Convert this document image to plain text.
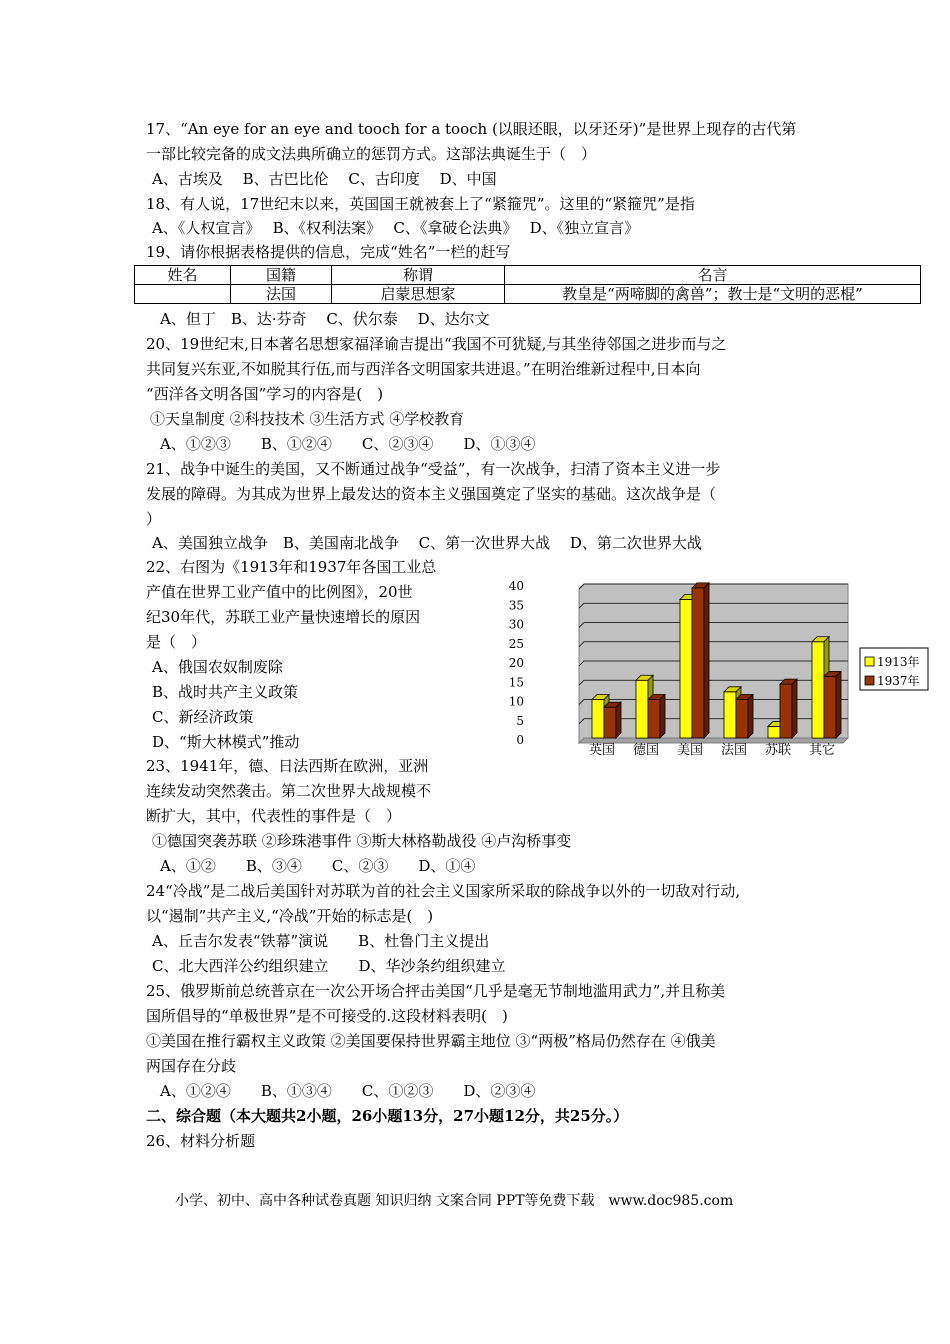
17、“An eye for an eye and tooch for a tooch (以眼还眼，以牙还牙)”是世界上现存的古代第
一部比较完备的成文法典所确立的惩罚方式。这部法典诞生于（　）
A、古埃及　 B、古巴比伦　 C、古印度　 D、中国
18、有人说，17世纪末以来，英国国王就被套上了“紧箍咒”。这里的“紧箍咒”是指
A、《人权宣言》　 B、《权利法案》　 C、《拿破仑法典》　 D、《独立宣言》
19、请你根据表格提供的信息，完成“姓名”一栏的赶写
姓名	国籍	称谓	名言
	法国	启蒙思想家	教皇是“两啼脚的禽兽”；教士是“文明的恶棍”
A、但丁　B、达·芬奇　 C、伏尔泰　 D、达尔文
20、19世纪末,日本著名思想家福泽谕吉提出“我国不可犹疑,与其坐待邻国之进步而与之
共同复兴东亚,不如脱其行伍,而与西洋各文明国家共进退。”在明治维新过程中,日本向
“西洋各文明各国”学习的内容是(　)
①天皇制度 ②科技技术 ③生活方式 ④学校教育
A、①②③　　B、①②④　　C、②③④　　D、①③④
21、战争中诞生的美国，又不断通过战争“受益”，有一次战争，扫清了资本主义进一步
发展的障碍。为其成为世界上最发达的资本主义强国奠定了坚实的基础。这次战争是（
）
A、美国独立战争　B、美国南北战争　 C、第一次世界大战　 D、第二次世界大战
22、右图为《1913年和1937年各国工业总
产值在世界工业产值中的比例图》，20世
纪30年代，苏联工业产量快速增长的原因
是（　）
A、俄国农奴制废除
B、战时共产主义政策
C、新经济政策
D、“斯大林模式”推动
40
35
30
25
20
15
10
5
0
英国 德国 美国 法国 苏联 其它
1913年
1937年
23、1941年，德、日法西斯在欧洲，亚洲
连续发动突然袭击。第二次世界大战规模不
断扩大，其中，代表性的事件是（　）
①德国突袭苏联 ②珍珠港事件 ③斯大林格勒战役 ④卢沟桥事变
A、①②　　B、③④　　C、②③　　D、①④
24“冷战”是二战后美国针对苏联为首的社会主义国家所采取的除战争以外的一切敌对行动,
以“遏制”共产主义,“冷战”开始的标志是(　)
A、丘吉尔发表“铁幕”演说　　B、杜鲁门主义提出
C、北大西洋公约组织建立　　D、华沙条约组织建立
25、俄罗斯前总统普京在一次公开场合抨击美国“几乎是毫无节制地滥用武力”,并且称美
国所倡导的“单极世界”是不可接受的.这段材料表明(　)
①美国在推行霸权主义政策 ②美国要保持世界霸主地位 ③“两极”格局仍然存在 ④俄美
两国存在分歧
A、①②④　　B、①③④　　C、①②③　　D、②③④
二、综合题（本大题共2小题，26小题13分，27小题12分，共25分。）
26、材料分析题
小学、初中、高中各种试卷真题 知识归纳 文案合同 PPT等免费下载　www.doc985.com
